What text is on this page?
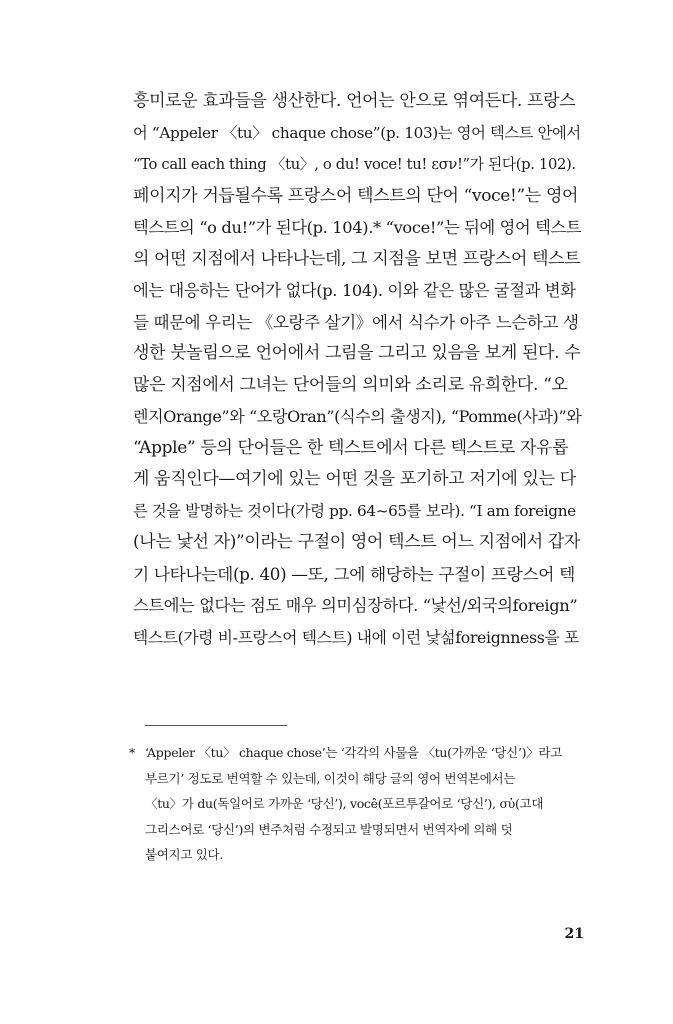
흥미로운 효과들을 생산한다. 언어는 안으로 엮여든다. 프랑스
어 “Appeler 〈tu〉 chaque chose”(p. 103)는 영어 텍스트 안에서
“To call each thing 〈tu〉, o du! voce! tu! εσν!”가 된다(p. 102).
페이지가 거듭될수록 프랑스어 텍스트의 단어 “voce!”는 영어
텍스트의 “o du!”가 된다(p. 104).* “voce!”는 뒤에 영어 텍스트
의 어떤 지점에서 나타나는데, 그 지점을 보면 프랑스어 텍스트
에는 대응하는 단어가 없다(p. 104). 이와 같은 많은 굴절과 변화
들 때문에 우리는 《오랑주 살기》에서 식수가 아주 느슨하고 생
생한 붓놀림으로 언어에서 그림을 그리고 있음을 보게 된다. 수
많은 지점에서 그녀는 단어들의 의미와 소리로 유희한다. “오
렌지Orange”와 “오랑Oran”(식수의 출생지), “Pomme(사과)”와
“Apple” 등의 단어들은 한 텍스트에서 다른 텍스트로 자유롭
게 움직인다—여기에 있는 어떤 것을 포기하고 저기에 있는 다
른 것을 발명하는 것이다(가령 pp. 64~65를 보라). “I am foreigne
(나는 낯선 자)”이라는 구절이 영어 텍스트 어느 지점에서 갑자
기 나타나는데(p. 40) —또, 그에 해당하는 구절이 프랑스어 텍
스트에는 없다는 점도 매우 의미심장하다. “낯선/외국의foreign”
텍스트(가령 비-프랑스어 텍스트) 내에 이런 낯섦foreignness을 포
* ‘Appeler 〈tu〉 chaque chose’는 ‘각각의 사물을 〈tu(가까운 ‘당신’)〉라고
부르기’ 정도로 번역할 수 있는데, 이것이 해당 글의 영어 번역본에서는
〈tu〉가 du(독일어로 가까운 ‘당신’), você(포르투갈어로 ‘당신’), σὐ(고대
그리스어로 ‘당신’)의 변주처럼 수정되고 발명되면서 번역자에 의해 덧
붙여지고 있다.
21
